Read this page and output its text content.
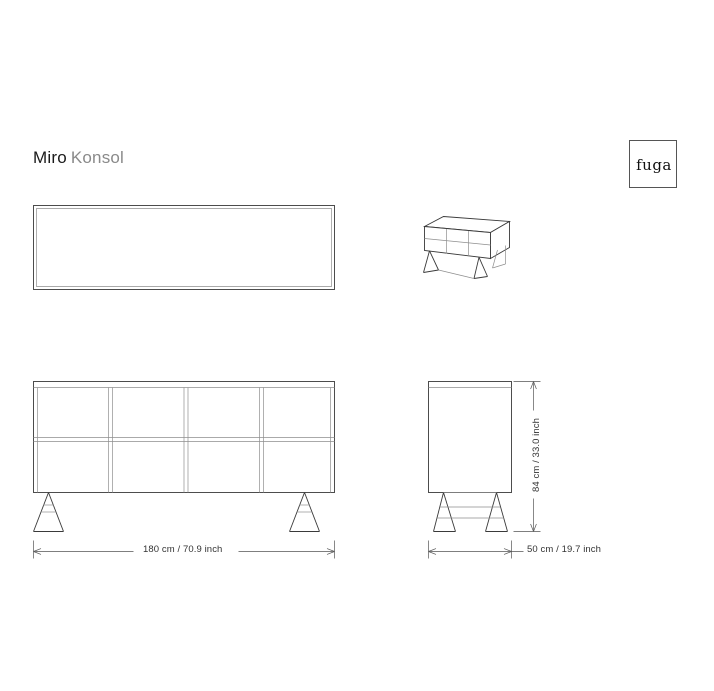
Miro Konsol	fuga
180 cm / 70.9 inch	50 cm / 19.7 inch
84 cm / 33.0 inch
